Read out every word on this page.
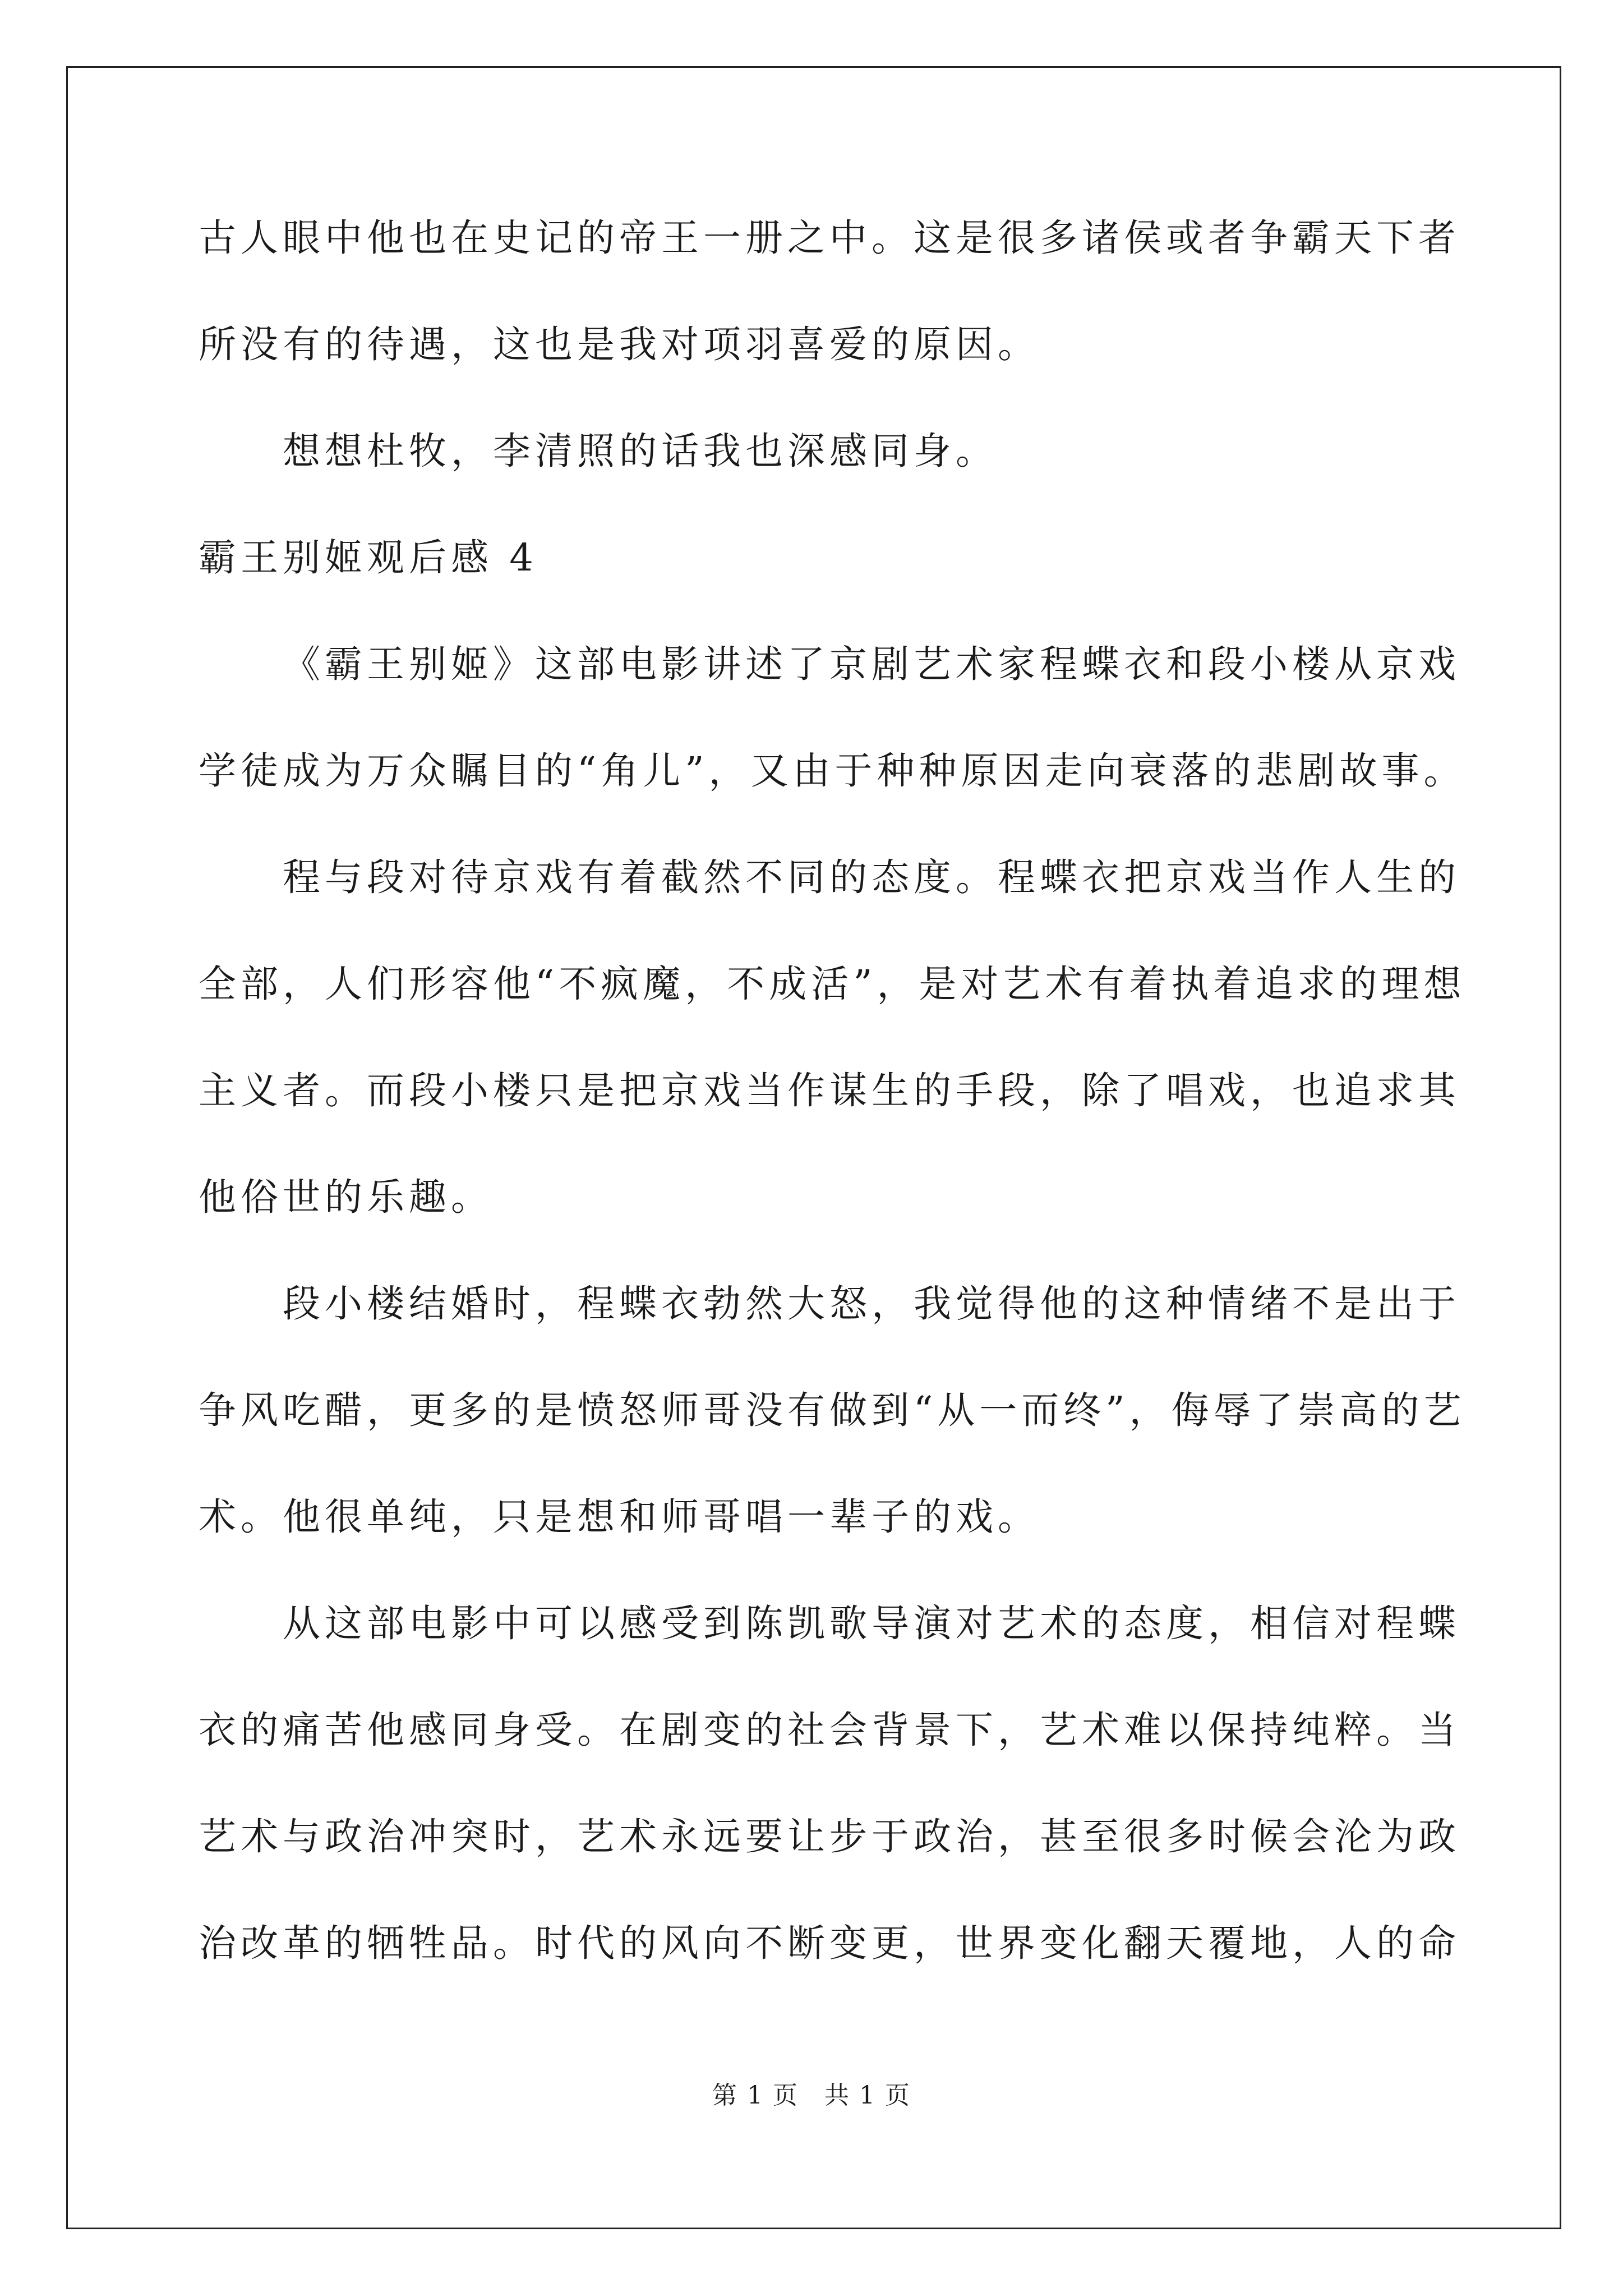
古人眼中他也在史记的帝王一册之中。这是很多诸侯或者争霸天下者
所没有的待遇，这也是我对项羽喜爱的原因。
想想杜牧，李清照的话我也深感同身。
霸王别姬观后感 4
《霸王别姬》这部电影讲述了京剧艺术家程蝶衣和段小楼从京戏
学徒成为万众瞩目的“角儿”，又由于种种原因走向衰落的悲剧故事。
程与段对待京戏有着截然不同的态度。程蝶衣把京戏当作人生的
全部，人们形容他“不疯魔，不成活”，是对艺术有着执着追求的理想
主义者。而段小楼只是把京戏当作谋生的手段，除了唱戏，也追求其
他俗世的乐趣。
段小楼结婚时，程蝶衣勃然大怒，我觉得他的这种情绪不是出于
争风吃醋，更多的是愤怒师哥没有做到“从一而终”，侮辱了崇高的艺
术。他很单纯，只是想和师哥唱一辈子的戏。
从这部电影中可以感受到陈凯歌导演对艺术的态度，相信对程蝶
衣的痛苦他感同身受。在剧变的社会背景下，艺术难以保持纯粹。当
艺术与政治冲突时，艺术永远要让步于政治，甚至很多时候会沦为政
治改革的牺牲品。时代的风向不断变更，世界变化翻天覆地，人的命
第 1 页　共 1 页
